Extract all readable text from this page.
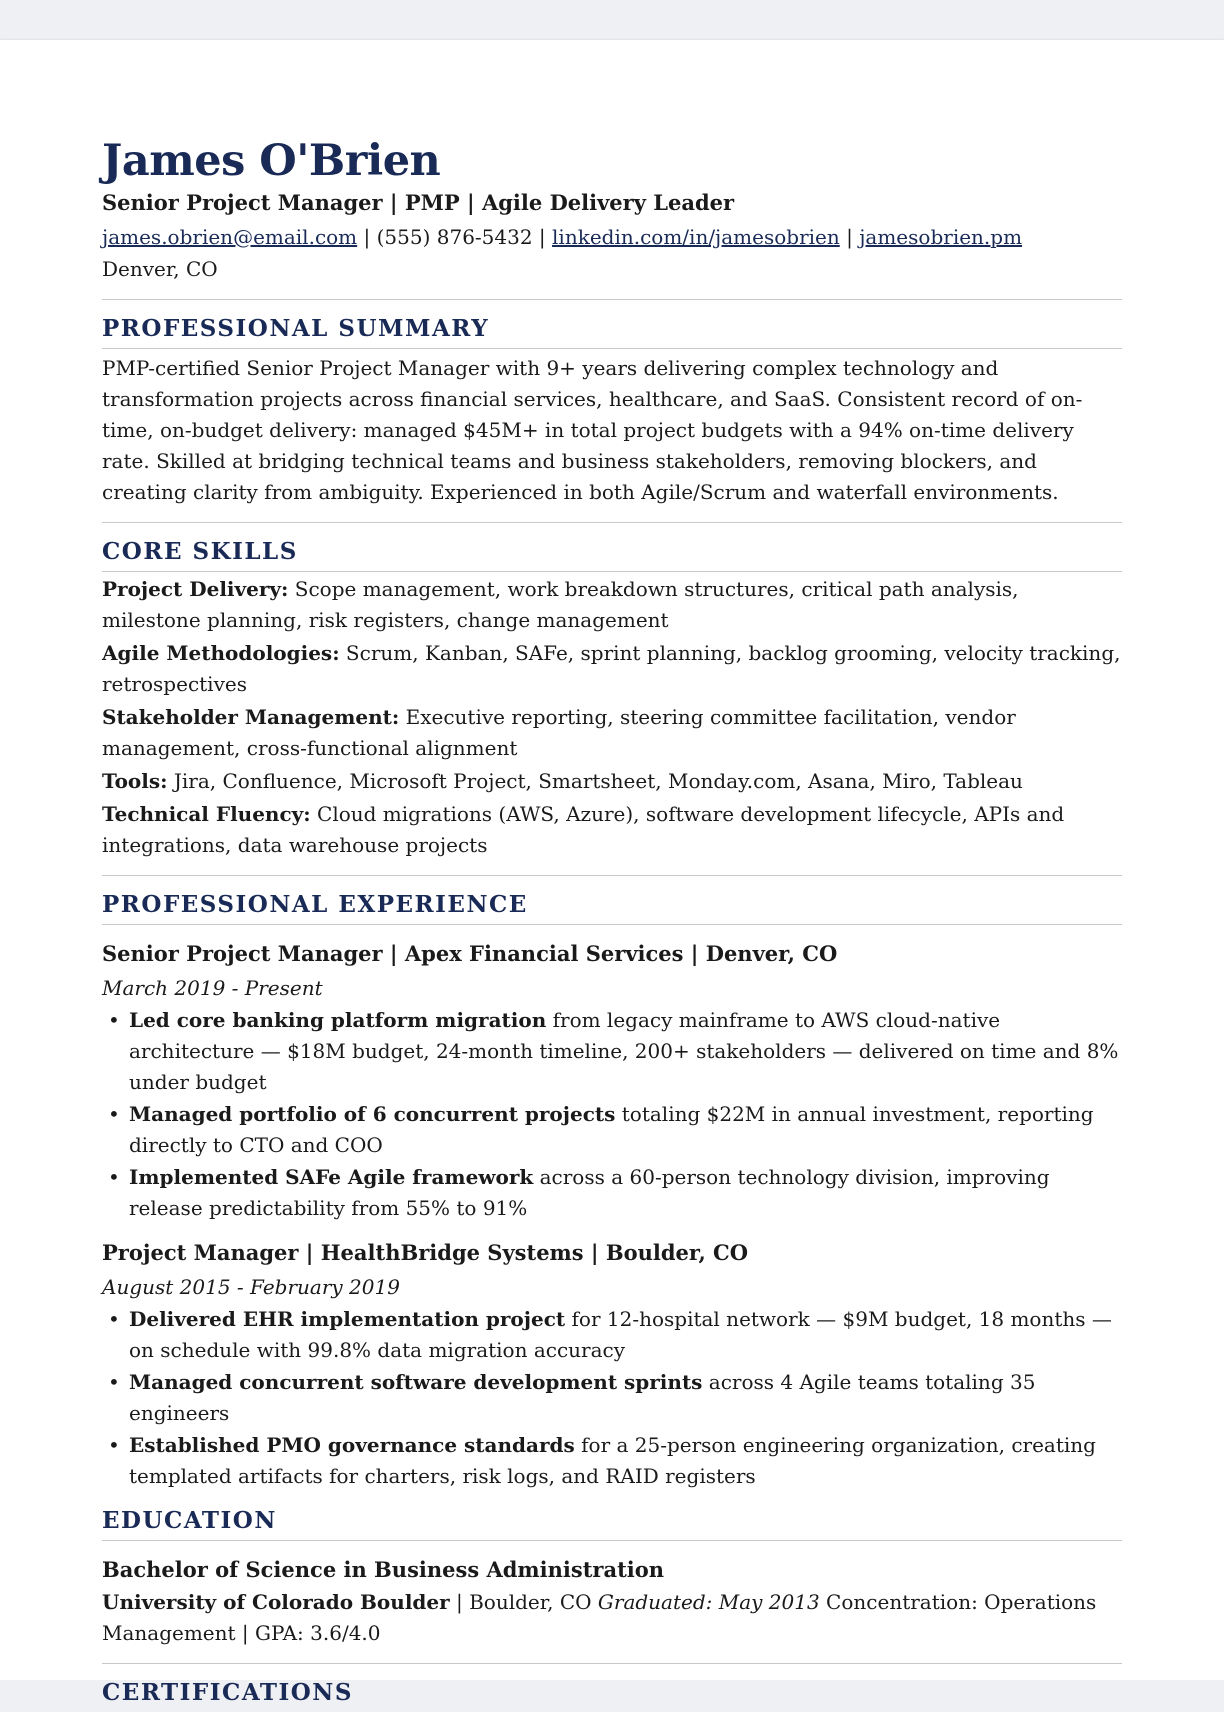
James O'Brien
Senior Project Manager | PMP | Agile Delivery Leader
james.obrien@email.com | (555) 876-5432 | linkedin.com/in/jamesobrien | jamesobrien.pm
Denver, CO
PROFESSIONAL SUMMARY
PMP-certified Senior Project Manager with 9+ years delivering complex technology and transformation projects across financial services, healthcare, and SaaS. Consistent record of on-time, on-budget delivery: managed $45M+ in total project budgets with a 94% on-time delivery rate. Skilled at bridging technical teams and business stakeholders, removing blockers, and creating clarity from ambiguity. Experienced in both Agile/Scrum and waterfall environments.
CORE SKILLS
Project Delivery: Scope management, work breakdown structures, critical path analysis, milestone planning, risk registers, change management
Agile Methodologies: Scrum, Kanban, SAFe, sprint planning, backlog grooming, velocity tracking, retrospectives
Stakeholder Management: Executive reporting, steering committee facilitation, vendor management, cross-functional alignment
Tools: Jira, Confluence, Microsoft Project, Smartsheet, Monday.com, Asana, Miro, Tableau
Technical Fluency: Cloud migrations (AWS, Azure), software development lifecycle, APIs and integrations, data warehouse projects
PROFESSIONAL EXPERIENCE
Senior Project Manager | Apex Financial Services | Denver, CO
March 2019 - Present
• Led core banking platform migration from legacy mainframe to AWS cloud-native architecture — $18M budget, 24-month timeline, 200+ stakeholders — delivered on time and 8% under budget
• Managed portfolio of 6 concurrent projects totaling $22M in annual investment, reporting directly to CTO and COO
• Implemented SAFe Agile framework across a 60-person technology division, improving release predictability from 55% to 91%
Project Manager | HealthBridge Systems | Boulder, CO
August 2015 - February 2019
• Delivered EHR implementation project for 12-hospital network — $9M budget, 18 months — on schedule with 99.8% data migration accuracy
• Managed concurrent software development sprints across 4 Agile teams totaling 35 engineers
• Established PMO governance standards for a 25-person engineering organization, creating templated artifacts for charters, risk logs, and RAID registers
EDUCATION
Bachelor of Science in Business Administration
University of Colorado Boulder | Boulder, CO Graduated: May 2013 Concentration: Operations Management | GPA: 3.6/4.0
CERTIFICATIONS
